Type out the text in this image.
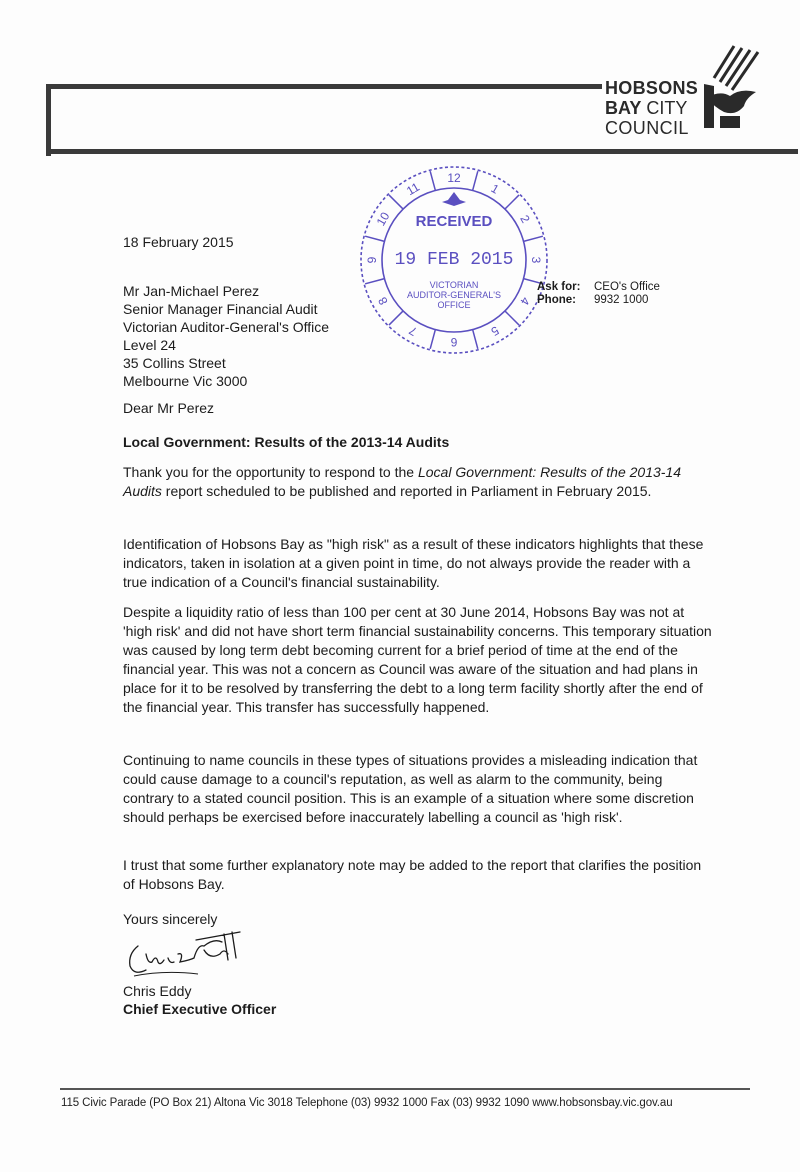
HOBSONS
BAY CITY
COUNCIL
12
1
2
3
4
5
6
7
8
9
10
11
RECEIVED
19 FEB 2015
VICTORIAN
AUDITOR-GENERAL'S
OFFICE
18 February 2015
Mr Jan-Michael Perez
Senior Manager Financial Audit
Victorian Auditor-General's Office
Level 24
35 Collins Street
Melbourne Vic 3000
Ask for:	CEO's Office
Phone:	9932 1000
Dear Mr Perez
Local Government: Results of the 2013-14 Audits

Thank you for the opportunity to respond to the Local Government: Results of the 2013-14 Audits report scheduled to be published and reported in Parliament in February 2015.

Identification of Hobsons Bay as "high risk" as a result of these indicators highlights that these indicators, taken in isolation at a given point in time, do not always provide the reader with a true indication of a Council's financial sustainability.

Despite a liquidity ratio of less than 100 per cent at 30 June 2014, Hobsons Bay was not at 'high risk' and did not have short term financial sustainability concerns. This temporary situation was caused by long term debt becoming current for a brief period of time at the end of the financial year. This was not a concern as Council was aware of the situation and had plans in place for it to be resolved by transferring the debt to a long term facility shortly after the end of the financial year. This transfer has successfully happened.

Continuing to name councils in these types of situations provides a misleading indication that could cause damage to a council's reputation, as well as alarm to the community, being contrary to a stated council position. This is an example of a situation where some discretion should perhaps be exercised before inaccurately labelling a council as 'high risk'.

I trust that some further explanatory note may be added to the report that clarifies the position of Hobsons Bay.

Yours sincerely
Chris Eddy
Chief Executive Officer
115 Civic Parade (PO Box 21) Altona Vic 3018 Telephone (03) 9932 1000 Fax (03) 9932 1090 www.hobsonsbay.vic.gov.au
